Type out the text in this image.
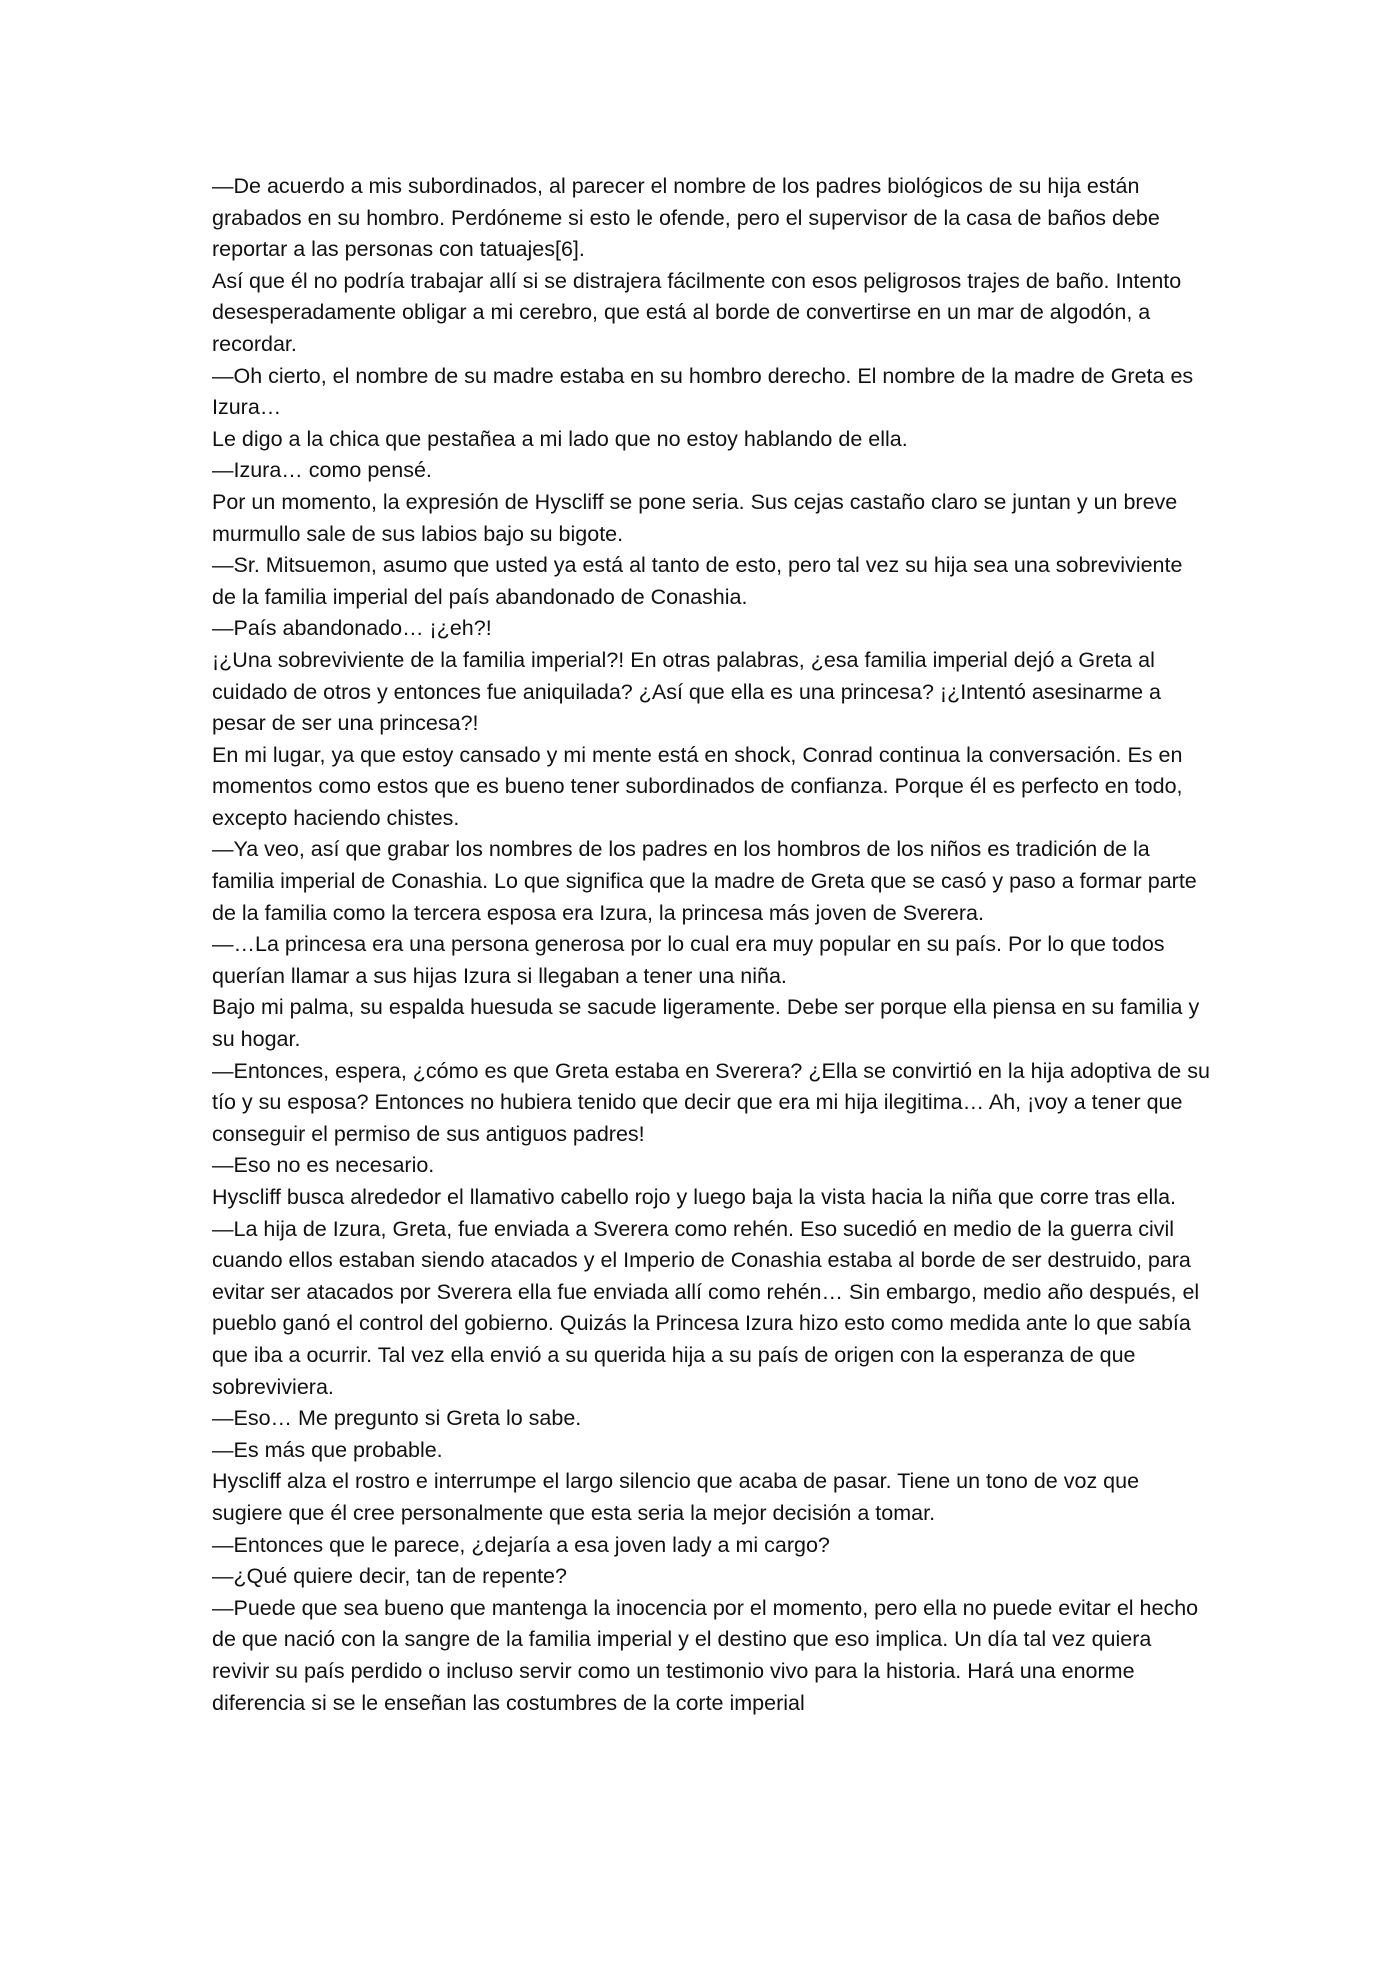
—De acuerdo a mis subordinados, al parecer el nombre de los padres biológicos de su hija están grabados en su hombro. Perdóneme si esto le ofende, pero el supervisor de la casa de baños debe reportar a las personas con tatuajes[6].

Así que él no podría trabajar allí si se distrajera fácilmente con esos peligrosos trajes de baño. Intento desesperadamente obligar a mi cerebro, que está al borde de convertirse en un mar de algodón, a recordar.

—Oh cierto, el nombre de su madre estaba en su hombro derecho. El nombre de la madre de Greta es Izura…

Le digo a la chica que pestañea a mi lado que no estoy hablando de ella.

—Izura… como pensé.

Por un momento, la expresión de Hyscliff se pone seria. Sus cejas castaño claro se juntan y un breve murmullo sale de sus labios bajo su bigote.

—Sr. Mitsuemon, asumo que usted ya está al tanto de esto, pero tal vez su hija sea una sobreviviente de la familia imperial del país abandonado de Conashia.

—País abandonado… ¡¿eh?!

¡¿Una sobreviviente de la familia imperial?! En otras palabras, ¿esa familia imperial dejó a Greta al cuidado de otros y entonces fue aniquilada? ¿Así que ella es una princesa? ¡¿Intentó asesinarme a pesar de ser una princesa?!

En mi lugar, ya que estoy cansado y mi mente está en shock, Conrad continua la conversación. Es en momentos como estos que es bueno tener subordinados de confianza. Porque él es perfecto en todo, excepto haciendo chistes.

—Ya veo, así que grabar los nombres de los padres en los hombros de los niños es tradición de la familia imperial de Conashia. Lo que significa que la madre de Greta que se casó y paso a formar parte de la familia como la tercera esposa era Izura, la princesa más joven de Sverera.

—…La princesa era una persona generosa por lo cual era muy popular en su país. Por lo que todos querían llamar a sus hijas Izura si llegaban a tener una niña.

Bajo mi palma, su espalda huesuda se sacude ligeramente. Debe ser porque ella piensa en su familia y su hogar.

—Entonces, espera, ¿cómo es que Greta estaba en Sverera? ¿Ella se convirtió en la hija adoptiva de su tío y su esposa? Entonces no hubiera tenido que decir que era mi hija ilegitima… Ah, ¡voy a tener que conseguir el permiso de sus antiguos padres!

—Eso no es necesario.

Hyscliff busca alrededor el llamativo cabello rojo y luego baja la vista hacia la niña que corre tras ella.

—La hija de Izura, Greta, fue enviada a Sverera como rehén. Eso sucedió en medio de la guerra civil cuando ellos estaban siendo atacados y el Imperio de Conashia estaba al borde de ser destruido, para evitar ser atacados por Sverera ella fue enviada allí como rehén… Sin embargo, medio año después, el pueblo ganó el control del gobierno. Quizás la Princesa Izura hizo esto como medida ante lo que sabía que iba a ocurrir. Tal vez ella envió a su querida hija a su país de origen con la esperanza de que sobreviviera.

—Eso… Me pregunto si Greta lo sabe.

—Es más que probable.

Hyscliff alza el rostro e interrumpe el largo silencio que acaba de pasar. Tiene un tono de voz que sugiere que él cree personalmente que esta seria la mejor decisión a tomar.

—Entonces que le parece, ¿dejaría a esa joven lady a mi cargo?

—¿Qué quiere decir, tan de repente?

—Puede que sea bueno que mantenga la inocencia por el momento, pero ella no puede evitar el hecho de que nació con la sangre de la familia imperial y el destino que eso implica. Un día tal vez quiera revivir su país perdido o incluso servir como un testimonio vivo para la historia. Hará una enorme diferencia si se le enseñan las costumbres de la corte imperial
